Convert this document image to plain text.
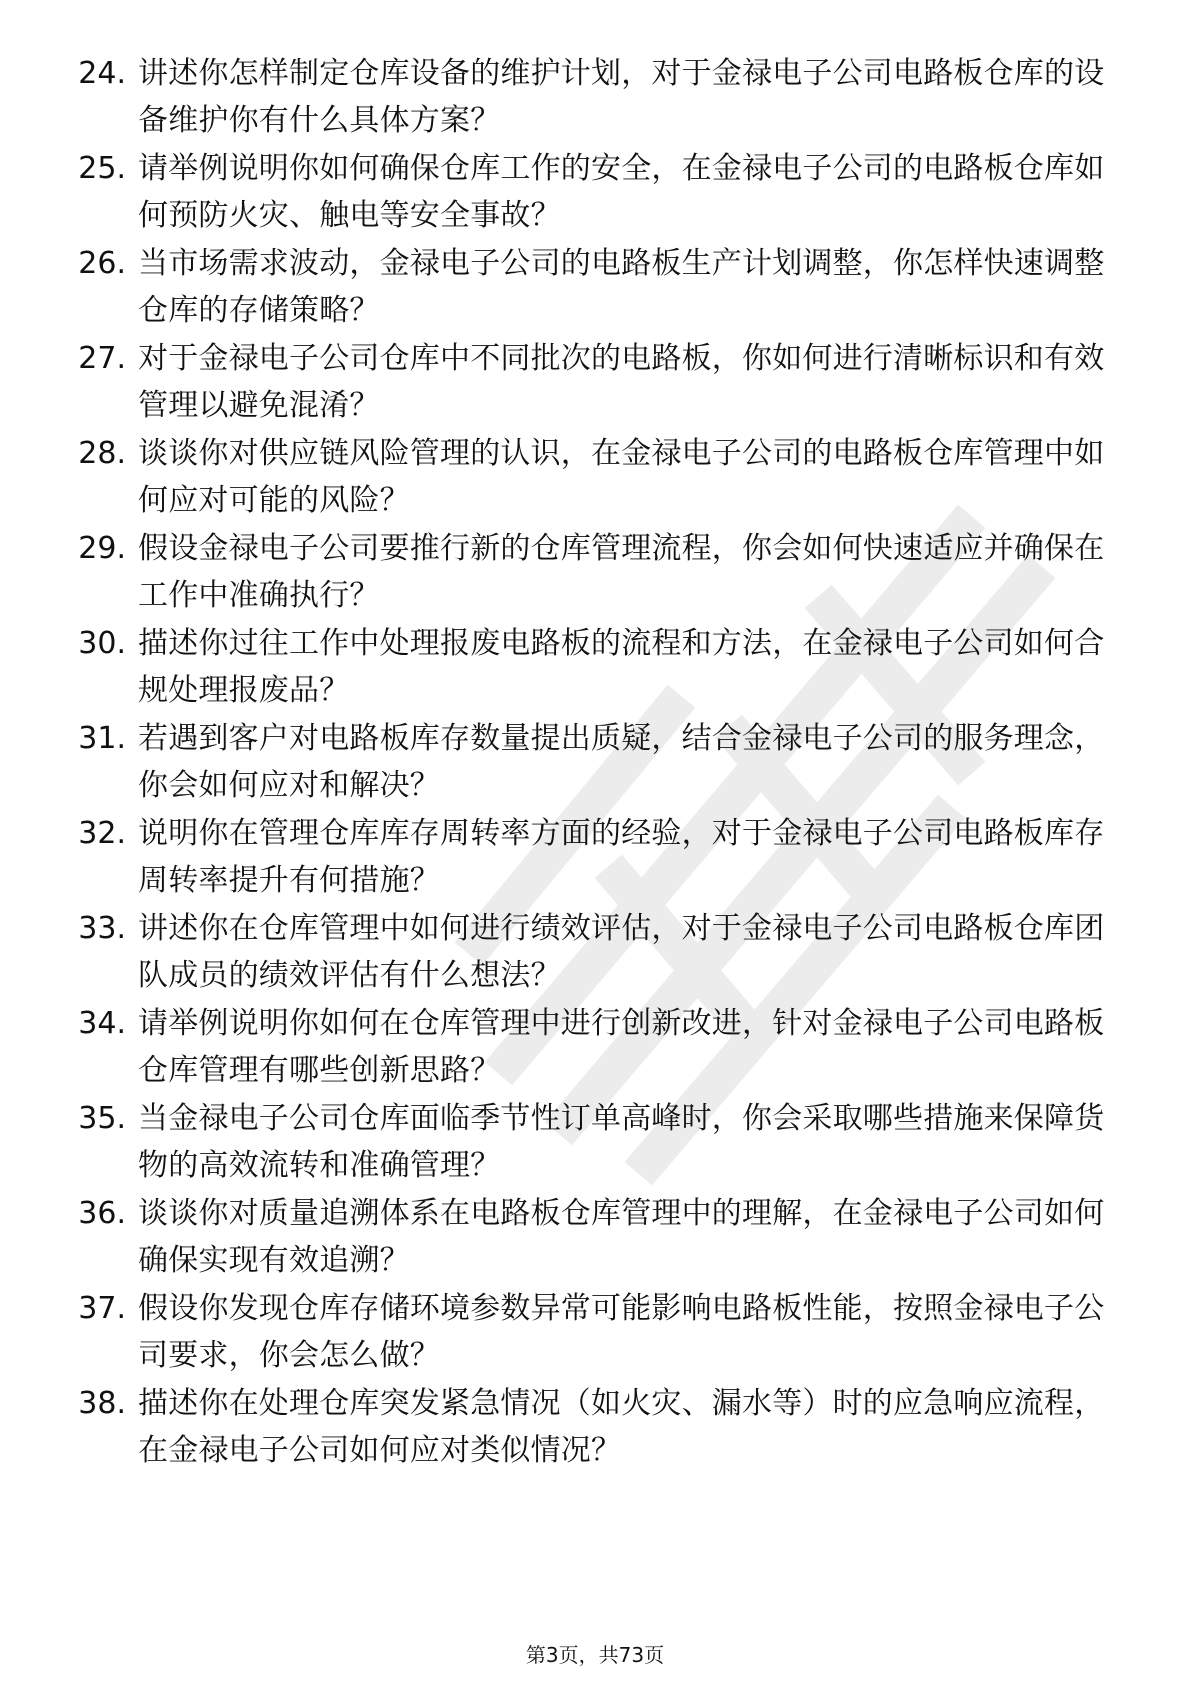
24. 讲述你怎样制定仓库设备的维护计划，对于金禄电子公司电路板仓库的设备维护你有什么具体方案？
25. 请举例说明你如何确保仓库工作的安全，在金禄电子公司的电路板仓库如何预防火灾、触电等安全事故？
26. 当市场需求波动，金禄电子公司的电路板生产计划调整，你怎样快速调整仓库的存储策略？
27. 对于金禄电子公司仓库中不同批次的电路板，你如何进行清晰标识和有效管理以避免混淆？
28. 谈谈你对供应链风险管理的认识，在金禄电子公司的电路板仓库管理中如何应对可能的风险？
29. 假设金禄电子公司要推行新的仓库管理流程，你会如何快速适应并确保在工作中准确执行？
30. 描述你过往工作中处理报废电路板的流程和方法，在金禄电子公司如何合规处理报废品？
31. 若遇到客户对电路板库存数量提出质疑，结合金禄电子公司的服务理念，你会如何应对和解决？
32. 说明你在管理仓库库存周转率方面的经验，对于金禄电子公司电路板库存周转率提升有何措施？
33. 讲述你在仓库管理中如何进行绩效评估，对于金禄电子公司电路板仓库团队成员的绩效评估有什么想法？
34. 请举例说明你如何在仓库管理中进行创新改进，针对金禄电子公司电路板仓库管理有哪些创新思路？
35. 当金禄电子公司仓库面临季节性订单高峰时，你会采取哪些措施来保障货物的高效流转和准确管理？
36. 谈谈你对质量追溯体系在电路板仓库管理中的理解，在金禄电子公司如何确保实现有效追溯？
37. 假设你发现仓库存储环境参数异常可能影响电路板性能，按照金禄电子公司要求，你会怎么做？
38. 描述你在处理仓库突发紧急情况（如火灾、漏水等）时的应急响应流程，在金禄电子公司如何应对类似情况？
第3页，共73页
